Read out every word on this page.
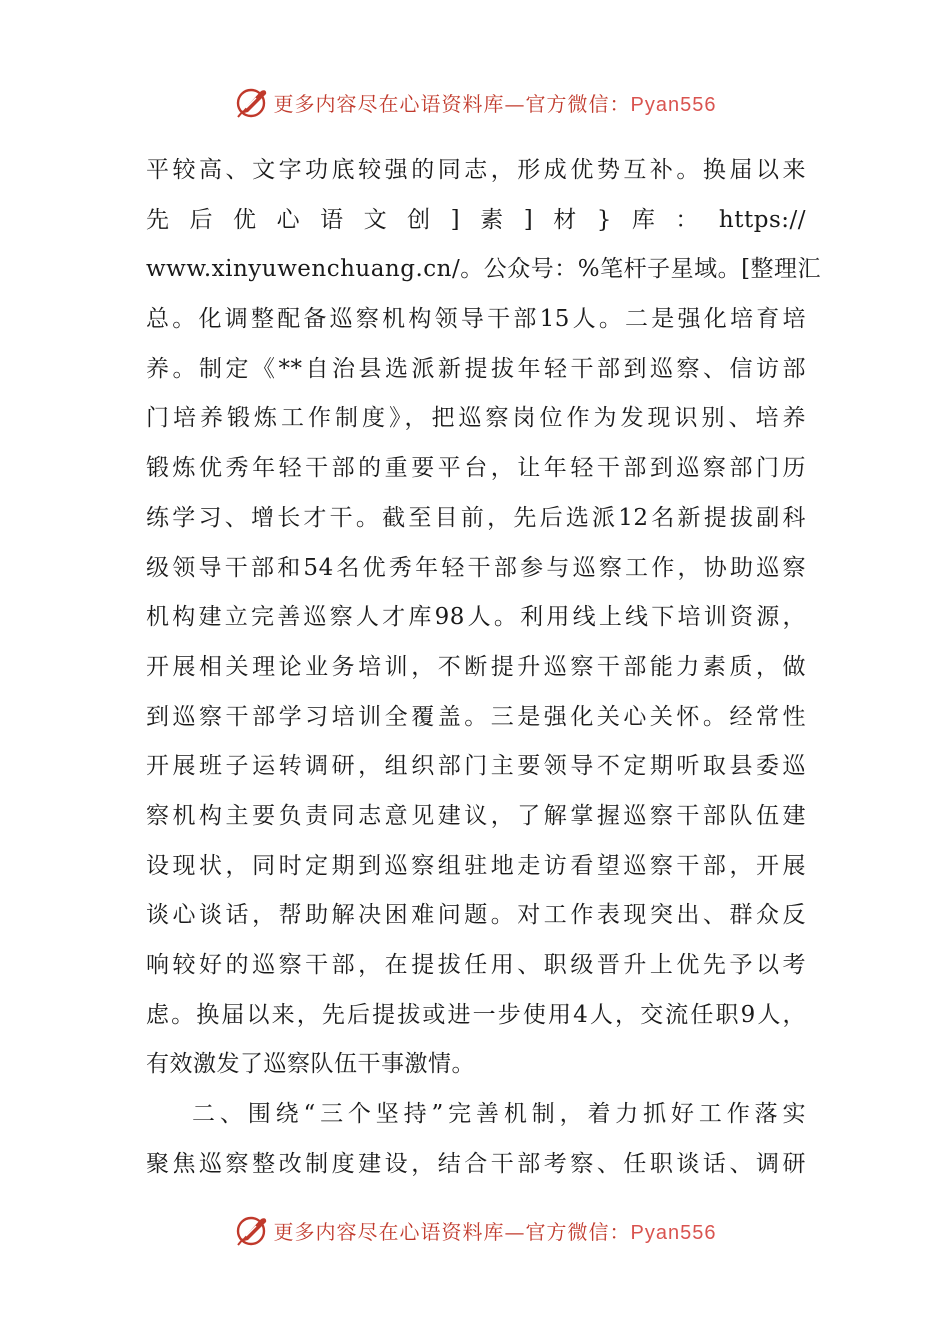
更多内容尽在心语资料库—官方微信：Pyan556
平较高、文字功底较强的同志，形成优势互补。换届以来
先后优心语文创]素]材}库：https://
www.xinyuwenchuang.cn/。公众号：%笔杆子星域。[整理汇
总。化调整配备巡察机构领导干部15人。二是强化培育培
养。制定《**自治县选派新提拔年轻干部到巡察、信访部
门培养锻炼工作制度》，把巡察岗位作为发现识别、培养
锻炼优秀年轻干部的重要平台，让年轻干部到巡察部门历
练学习、增长才干。截至目前，先后选派12名新提拔副科
级领导干部和54名优秀年轻干部参与巡察工作，协助巡察
机构建立完善巡察人才库98人。利用线上线下培训资源，
开展相关理论业务培训，不断提升巡察干部能力素质，做
到巡察干部学习培训全覆盖。三是强化关心关怀。经常性
开展班子运转调研，组织部门主要领导不定期听取县委巡
察机构主要负责同志意见建议，了解掌握巡察干部队伍建
设现状，同时定期到巡察组驻地走访看望巡察干部，开展
谈心谈话，帮助解决困难问题。对工作表现突出、群众反
响较好的巡察干部，在提拔任用、职级晋升上优先予以考
虑。换届以来，先后提拔或进一步使用4人，交流任职9人，
有效激发了巡察队伍干事激情。
二、围绕“三个坚持”完善机制，着力抓好工作落实
聚焦巡察整改制度建设，结合干部考察、任职谈话、调研
更多内容尽在心语资料库—官方微信：Pyan556
